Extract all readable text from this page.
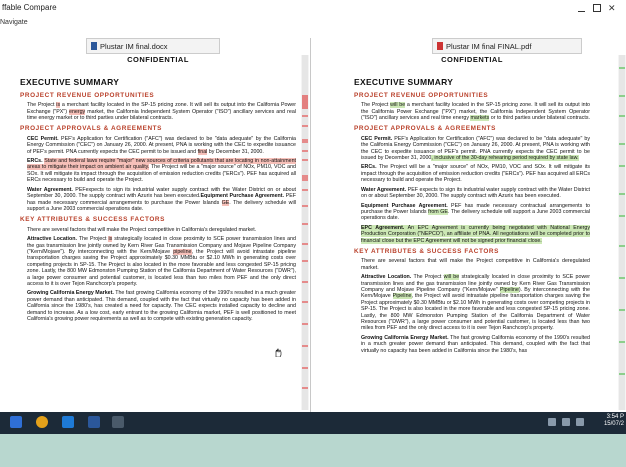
ffable Compare
Navigate
✕
Plustar IM final.docx
CONFIDENTIAL
EXECUTIVE SUMMARY
PROJECT REVENUE OPPORTUNITIES
The Project is a merchant facility located in the SP-15 pricing zone. It will sell its output into the California Power Exchange ("PX") energy market, the California Independent System Operator ("ISO") ancillary services and real time energy market or to third parties under bilateral contracts.
PROJECT APPROVALS & AGREEMENTS
CEC Permit. PEF's Application for Certification ("AFC") was declared to be "data adequate" by the California Energy Commission ("CEC") on January 26, 2000. At present, PNA is working with the CEC to expedite issuance of PEF's permit. PNA currently expects the CEC permit to be issued and final by December 31, 2000.
ERCs. State and federal laws require "major" new sources of criteria pollutants that are locating in non-attainment areas to mitigate their impact on ambient air quality. The Project will be a "major source" of NOx, PM10, VOC and SOx. It will mitigate its impact through the acquisition of emission reduction credits ("ERCs"). PEF has acquired all ERCs necessary to build and operate the Project.
Water Agreement. PEFexpects to sign its industrial water supply contract with the Water District on or about September 30, 2000. The supply contract with Azurix has been executed.Equipment Purchase Agreement. PEF has made necessary commercial arrangements to purchase the Power Islands GE. The delivery schedule will support a June 2003 commercial operations date.
KEY ATTRIBUTES & SUCCESS FACTORS
There are several factors that will make the Project competitive in California's deregulated market.
Attractive Location. The Project is strategically located in close proximity to SCE power transmission lines and the gas transmission line jointly owned by Kern River Gas Transmission Company and Mojave Pipeline Company ("Kern/Mojave"). By interconnecting with the Kern/Mojave pipeline, the Project will avoid intrastate pipeline transportation charges saving the Project approximately $0.30 MMBtu or $2.10 MWh in generating costs over competing projects in SP-15. The Project is also located in the more favorable and less congested SP-15 pricing zone. Lastly, the 800 MW Edmonston Pumping Station of the California Department of Water Resources ("DWR"), a large power consumer and potential customer, is located less than two miles from PEF and the only direct access to it is over Tejon Ranchcorp's property.
Growing California Energy Market. The fast growing California economy of the 1990's resulted in a much greater power demand than anticipated. This demand, coupled with the fact that virtually no capacity has been added in California since the 1980's, has created a need for capacity. The CEC expects installed capacity to decline and demand to increase. As a low cost, early entrant to the growing California market, PEF is well positioned to meet California's growing power requirements as well as to compete with existing generation capacity.
Plustar IM final FINAL.pdf
CONFIDENTIAL
EXECUTIVE SUMMARY
PROJECT REVENUE OPPORTUNITIES
The Project will be a merchant facility located in the SP-15 pricing zone. It will sell its output into the California Power Exchange ("PX") market, the California Independent System Operator ("ISO") ancillary services and real time energy markets or to third parties under bilateral contracts.
PROJECT APPROVALS & AGREEMENTS
CEC Permit. PEF's Application for Certification ("AFC") was declared to be "data adequate" by the California Energy Commission ("CEC") on January 26, 2000. At present, PNA is working with the CEC to expedite issuance of PEF's permit. PNA currently expects the CEC permit to be issued by December 31, 2000, inclusive of the 30-day rehearing period required by state law.
ERCs. The Project will be a "major source" of NOx, PM10, VOC and SOx. It will mitigate its impact through the acquisition of emission reduction credits ("ERCs"). PEF has acquired all ERCs necessary to build and operate the Project.
Water Agreement. PEF expects to sign its industrial water supply contract with the Water District on or about September 30, 2000. The supply contract with Azurix has been executed.
Equipment Purchase Agreement. PEF has made necessary contractual arrangements to purchase the Power Islands from GE. The delivery schedule will support a June 2003 commercial operations date.
EPC Agreement. An EPC Agreement is currently being negotiated with National Energy Production Corporation ("NEPCO"), an affiliate of PNA. All negotiations will be completed prior to financial close but the EPC Agreement will not be signed prior financial close.
KEY ATTRIBUTES & SUCCESS FACTORS
There are several factors that will make the Project competitive in California's deregulated market.
Attractive Location. The Project will be strategically located in close proximity to SCE power transmission lines and the gas transmission line jointly owned by Kern River Gas Transmission Company and Mojave Pipeline Company ("Kern/Mojave" Pipeline). By interconnecting with the Kern/Mojave Pipeline, the Project will avoid intrastate pipeline transportation charges saving the Project approximately $0.30 MMBtu or $2.10 MWh in generating costs over competing projects in SP-15. The Project is also located in the more favorable and less congested SP-15 pricing zone. Lastly, the 800 MW Edmonston Pumping Station of the California Department of Water Resources ("DWR"), a large power consumer and potential customer, is located less than two miles from PEF and the only direct access to it is over Tejon Ranchcorp's property.
Growing California Energy Market. The fast growing California economy of the 1990's resulted in a much greater power demand than anticipated. This demand, coupled with the fact that virtually no capacity has been added in California since the 1980's, has
3:54 P
15/07/2
